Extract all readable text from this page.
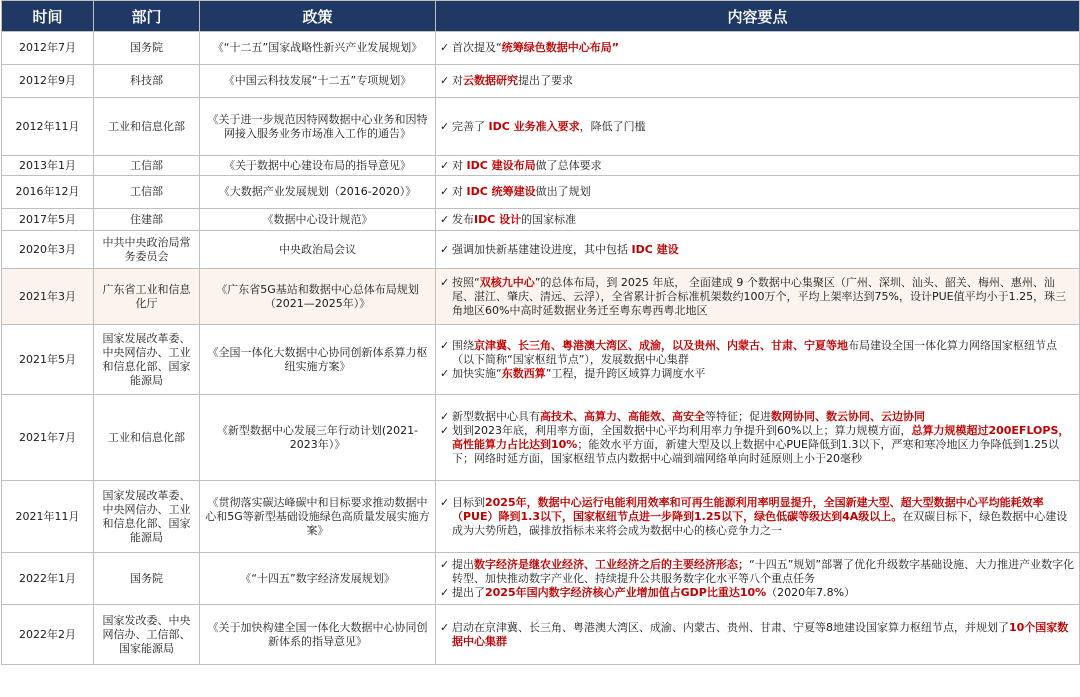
时间	部门	政策	内容要点
2012年7月	国务院	《“十二五”国家战略性新兴产业发展规划》	✓ 首次提及“统筹绿色数据中心布局”

2012年9月	科技部	《中国云科技发展“十二五”专项规划》	✓ 对云数据研究提出了要求

2012年11月	工业和信息化部	《关于进一步规范因特网数据中心业务和因特网接入服务业务市场准入工作的通告》	✓ 完善了 IDC 业务准入要求，降低了门槛

2013年1月	工信部	《关于数据中心建设布局的指导意见》	✓ 对 IDC 建设布局做了总体要求

2016年12月	工信部	《大数据产业发展规划（2016-2020）》	✓ 对 IDC 统筹建设做出了规划

2017年5月	住建部	《数据中心设计规范》	✓ 发布IDC 设计的国家标准

2020年3月	中共中央政治局常务委员会	中央政治局会议	✓ 强调加快新基建建设进度，其中包括 IDC 建设

2021年3月	广东省工业和信息化厅	《广东省5G基站和数据中心总体布局规划（2021—2025年）》	✓ 按照“双核九中心”的总体布局，到 2025 年底， 全面建成 9 个数据中心集聚区（广州、深圳、汕头、韶关、梅州、惠州、汕尾、湛江、肇庆、清远、云浮），全省累计折合标准机架数约100万个，平均上架率达到75%，设计PUE值平均小于1.25，珠三角地区60%中高时延数据业务迁至粤东粤西粤北地区

2021年5月	国家发展改革委、中央网信办、工业和信息化部、国家能源局	《全国一体化大数据中心协同创新体系算力枢纽实施方案》	✓ 围绕京津冀、长三角、粤港澳大湾区、成渝，以及贵州、内蒙古、甘肃、宁夏等地布局建设全国一体化算力网络国家枢纽节点（以下简称“国家枢纽节点”），发展数据中心集群
✓ 加快实施“东数西算”工程，提升跨区域算力调度水平

2021年7月	工业和信息化部	《新型数据中心发展三年行动计划(2021-2023年）》	✓ 新型数据中心具有高技术、高算力、高能效、高安全等特征；促进数网协同、数云协同、云边协同
✓ 划到2023年底，利用率方面，全国数据中心平均利用率力争提升到60%以上；算力规模方面，总算力规模超过200EFLOPS，高性能算力占比达到10%；能效水平方面，新建大型及以上数据中心PUE降低到1.3以下，严寒和寒冷地区力争降低到1.25以下；网络时延方面，国家枢纽节点内数据中心端到端网络单向时延原则上小于20毫秒

2021年11月	国家发展改革委、中央网信办、工业和信息化部、国家能源局	《贯彻落实碳达峰碳中和目标要求推动数据中心和5G等新型基础设施绿色高质量发展实施方案》	✓ 目标到2025年，数据中心运行电能利用效率和可再生能源利用率明显提升，全国新建大型、超大型数据中心平均能耗效率（PUE）降到1.3以下，国家枢纽节点进一步降到1.25以下，绿色低碳等级达到4A级以上。在双碳目标下，绿色数据中心建设成为大势所趋，碳排放指标未来将会成为数据中心的核心竞争力之一

2022年1月	国务院	《“十四五”数字经济发展规划》	✓ 提出数字经济是继农业经济、工业经济之后的主要经济形态；“十四五”规划”部署了优化升级数字基础设施、大力推进产业数字化转型、加快推动数字产业化、持续提升公共服务数字化水平等八个重点任务
✓ 提出了2025年国内数字经济核心产业增加值占GDP比重达10%（2020年7.8%）

2022年2月	国家发改委、中央网信办、工信部、国家能源局	《关于加快构建全国一体化大数据中心协同创新体系的指导意见》	✓ 启动在京津冀、长三角、粤港澳大湾区、成渝、内蒙古、贵州、甘肃、宁夏等8地建设国家算力枢纽节点，并规划了10个国家数据中心集群
